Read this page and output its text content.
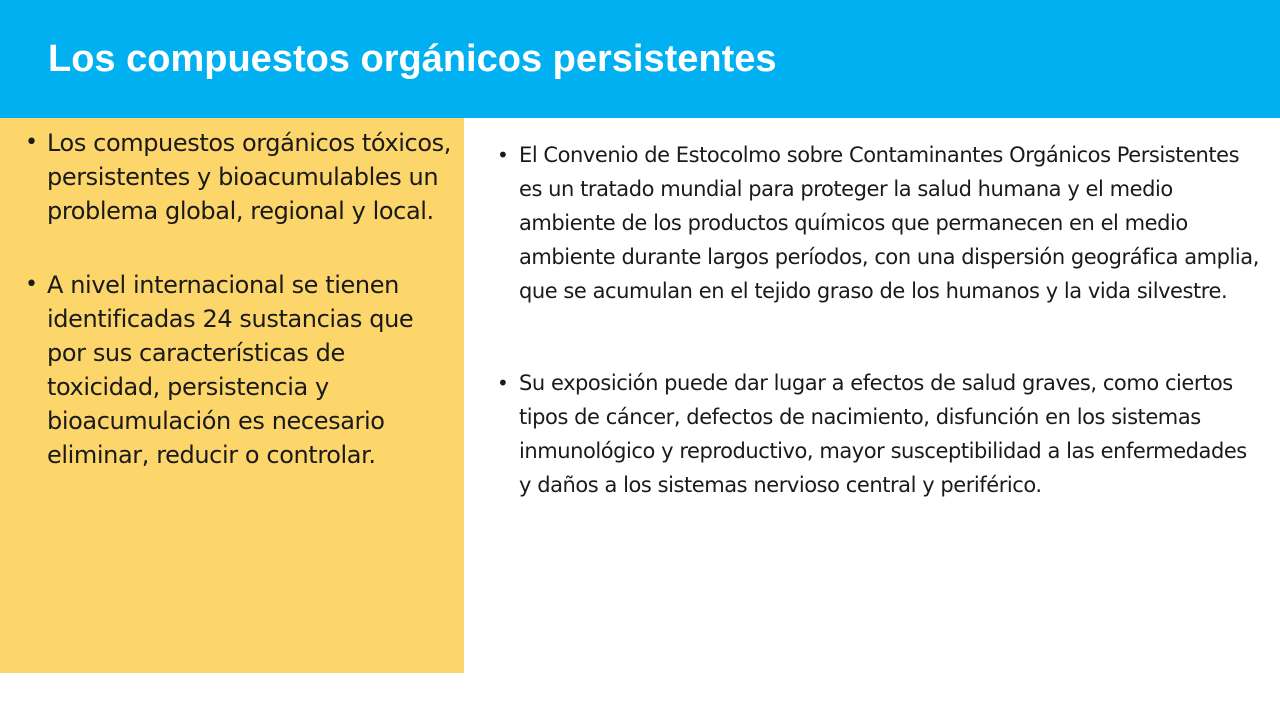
Los compuestos orgánicos persistentes
• Los compuestos orgánicos tóxicos, persistentes y bioacumulables un problema global, regional y local.
• A nivel internacional se tienen identificadas 24 sustancias que por sus características de toxicidad, persistencia y bioacumulación es necesario eliminar, reducir o controlar.
• El Convenio de Estocolmo sobre Contaminantes Orgánicos Persistentes es un tratado mundial para proteger la salud humana y el medio ambiente de los productos químicos que permanecen en el medio ambiente durante largos períodos, con una dispersión geográfica amplia, que se acumulan en el tejido graso de los humanos y la vida silvestre.
• Su exposición puede dar lugar a efectos de salud graves, como ciertos tipos de cáncer, defectos de nacimiento, disfunción en los sistemas inmunológico y reproductivo, mayor susceptibilidad a las enfermedades y daños a los sistemas nervioso central y periférico.
